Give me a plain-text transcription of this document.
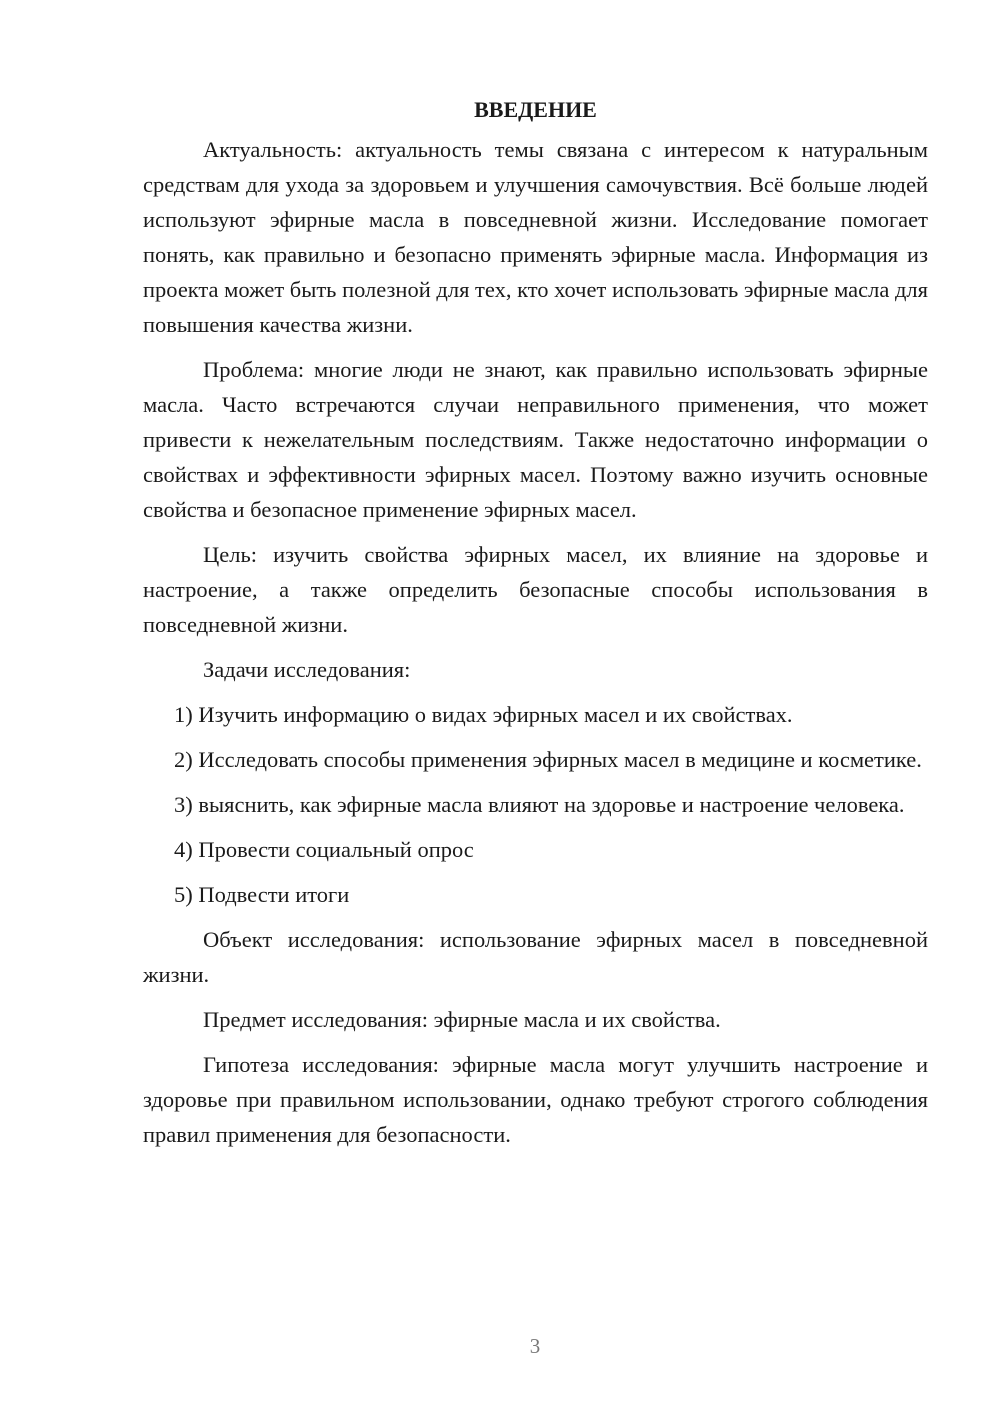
ВВЕДЕНИЕ

Актуальность: актуальность темы связана с интересом к натуральным средствам для ухода за здоровьем и улучшения самочувствия. Всё больше людей используют эфирные масла в повседневной жизни. Исследование помогает понять, как правильно и безопасно применять эфирные масла. Информация из проекта может быть полезной для тех, кто хочет использовать эфирные масла для повышения качества жизни.

Проблема: многие люди не знают, как правильно использовать эфирные масла. Часто встречаются случаи неправильного применения, что может привести к нежелательным последствиям. Также недостаточно информации о свойствах и эффективности эфирных масел. Поэтому важно изучить основные свойства и безопасное применение эфирных масел.

Цель: изучить свойства эфирных масел, их влияние на здоровье и настроение, а также определить безопасные способы использования в повседневной жизни.

Задачи исследования:

1) Изучить информацию о видах эфирных масел и их свойствах.

2) Исследовать способы применения эфирных масел в медицине и косметике.

3) выяснить, как эфирные масла влияют на здоровье и настроение человека.

4) Провести социальный опрос

5) Подвести итоги

Объект исследования: использование эфирных масел в повседневной жизни.

Предмет исследования: эфирные масла и их свойства.

Гипотеза исследования: эфирные масла могут улучшить настроение и здоровье при правильном использовании, однако требуют строгого соблюдения правил применения для безопасности.

3
